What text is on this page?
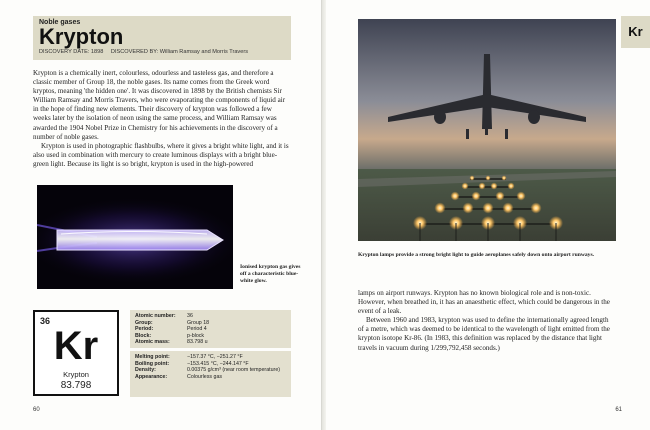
Noble gases
Krypton
DISCOVERY DATE: 1898 DISCOVERED BY: William Ramsay and Morris Travers

Krypton is a chemically inert, colourless, odourless and tasteless gas, and therefore a classic member of Group 18, the noble gases. Its name comes from the Greek word kryptos, meaning 'the hidden one'. It was discovered in 1898 by the British chemists Sir William Ramsay and Morris Travers, who were evaporating the components of liquid air in the hope of finding new elements. Their discovery of krypton was followed a few weeks later by the isolation of neon using the same process, and William Ramsay was awarded the 1904 Nobel Prize in Chemistry for his achievements in the discovery of a number of noble gases.

Krypton is used in photographic flashbulbs, where it gives a bright white light, and it is also used in combination with mercury to create luminous displays with a bright blue-green light. Because its light is so bright, krypton is used in the high-powered

Ionised krypton gas gives off a characteristic blue-white glow.
36
Kr
Krypton
83.798
Atomic number:	36
Group:	Group 18
Period:	Period 4
Block:	p-block
Atomic mass:	83.798 u
Melting point:	−157.37 °C, −251.27 °F
Boiling point:	−153.415 °C, −244.147 °F
Density:	0.00375 g/cm³ (near room temperature)
Appearance:	Colourless gas
60	61
Kr
Krypton lamps provide a strong bright light to guide aeroplanes safely down onto airport runways.

lamps on airport runways. Krypton has no known biological role and is non-toxic. However, when breathed in, it has an anaesthetic effect, which could be dangerous in the event of a leak.

Between 1960 and 1983, krypton was used to define the internationally agreed length of a metre, which was deemed to be identical to the wavelength of light emitted from the krypton isotope Kr-86. (In 1983, this definition was replaced by the distance that light travels in vacuum during 1/299,792,458 seconds.)
